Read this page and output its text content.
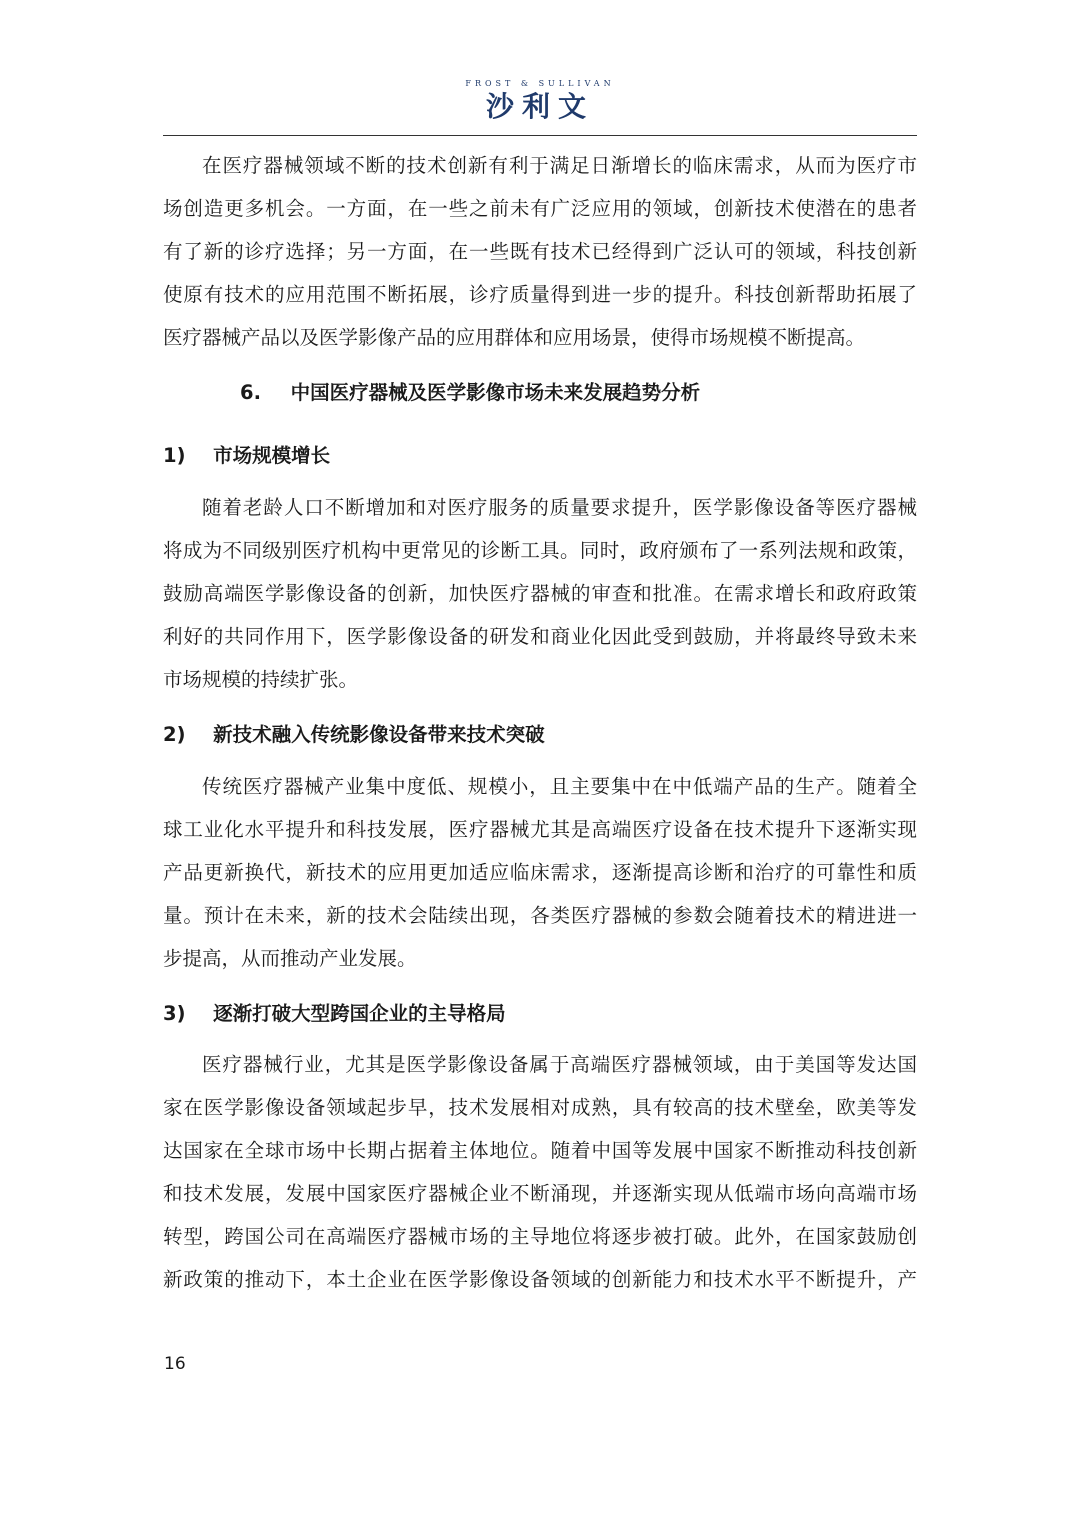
FROST & SULLIVAN
沙利文
在医疗器械领域不断的技术创新有利于满足日渐增长的临床需求，从而为医疗市
场创造更多机会。一方面，在一些之前未有广泛应用的领域，创新技术使潜在的患者
有了新的诊疗选择；另一方面，在一些既有技术已经得到广泛认可的领域，科技创新
使原有技术的应用范围不断拓展，诊疗质量得到进一步的提升。科技创新帮助拓展了
医疗器械产品以及医学影像产品的应用群体和应用场景，使得市场规模不断提高。
6. 中国医疗器械及医学影像市场未来发展趋势分析
1) 市场规模增长
随着老龄人口不断增加和对医疗服务的质量要求提升，医学影像设备等医疗器械
将成为不同级别医疗机构中更常见的诊断工具。同时，政府颁布了一系列法规和政策，
鼓励高端医学影像设备的创新，加快医疗器械的审查和批准。在需求增长和政府政策
利好的共同作用下，医学影像设备的研发和商业化因此受到鼓励，并将最终导致未来
市场规模的持续扩张。
2) 新技术融入传统影像设备带来技术突破
传统医疗器械产业集中度低、规模小，且主要集中在中低端产品的生产。随着全
球工业化水平提升和科技发展，医疗器械尤其是高端医疗设备在技术提升下逐渐实现
产品更新换代，新技术的应用更加适应临床需求，逐渐提高诊断和治疗的可靠性和质
量。预计在未来，新的技术会陆续出现，各类医疗器械的参数会随着技术的精进进一
步提高，从而推动产业发展。
3) 逐渐打破大型跨国企业的主导格局
医疗器械行业，尤其是医学影像设备属于高端医疗器械领域，由于美国等发达国
家在医学影像设备领域起步早，技术发展相对成熟，具有较高的技术壁垒，欧美等发
达国家在全球市场中长期占据着主体地位。随着中国等发展中国家不断推动科技创新
和技术发展，发展中国家医疗器械企业不断涌现，并逐渐实现从低端市场向高端市场
转型，跨国公司在高端医疗器械市场的主导地位将逐步被打破。此外，在国家鼓励创
新政策的推动下，本土企业在医学影像设备领域的创新能力和技术水平不断提升，产
16
